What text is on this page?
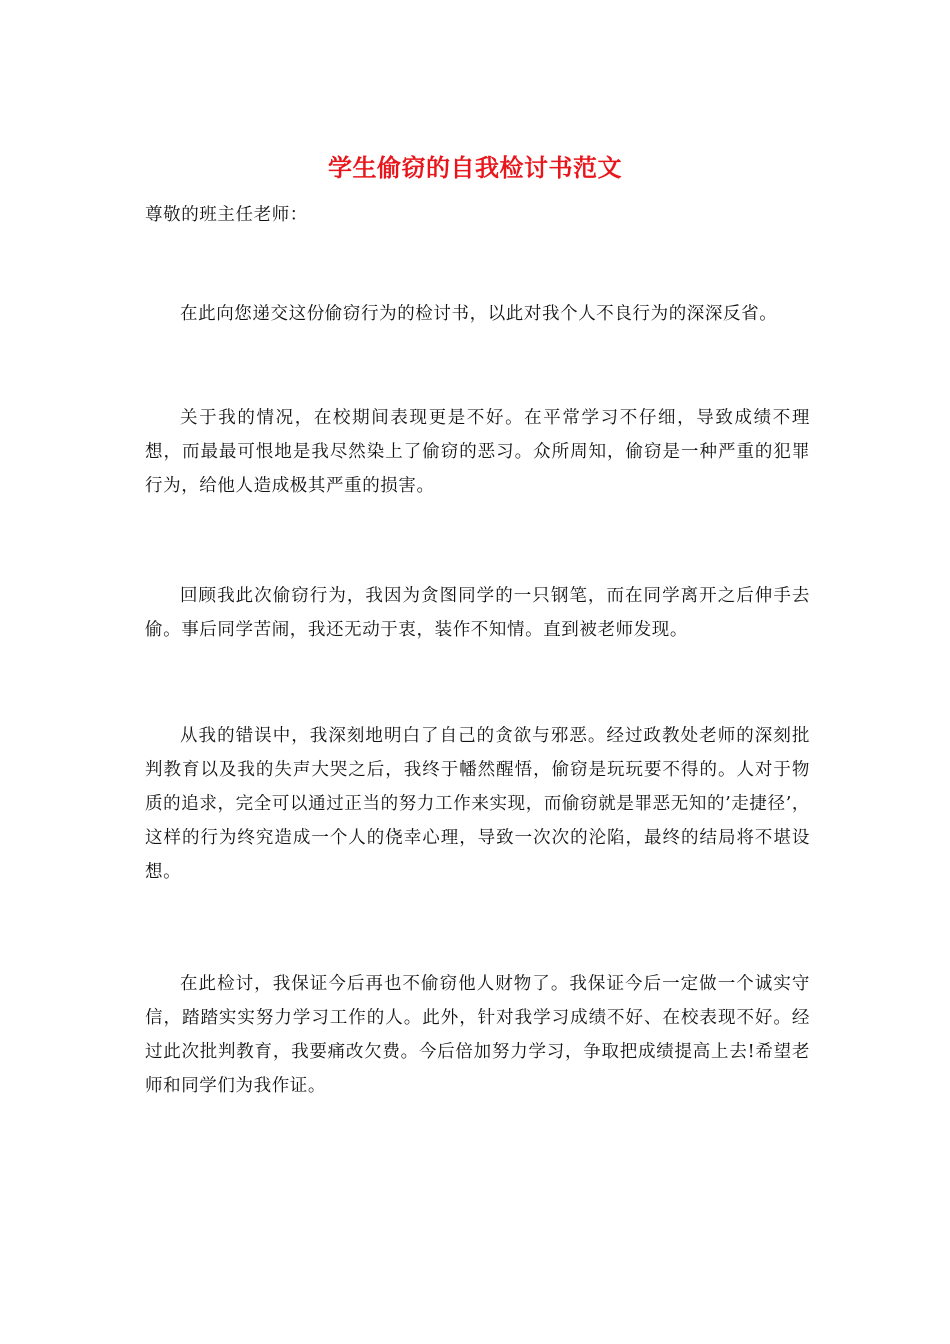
学生偷窃的自我检讨书范文
尊敬的班主任老师：

在此向您递交这份偷窃行为的检讨书，以此对我个人不良行为的深深反省。

关于我的情况，在校期间表现更是不好。在平常学习不仔细，导致成绩不理想，而最最可恨地是我尽然染上了偷窃的恶习。众所周知，偷窃是一种严重的犯罪行为，给他人造成极其严重的损害。

回顾我此次偷窃行为，我因为贪图同学的一只钢笔，而在同学离开之后伸手去偷。事后同学苦闹，我还无动于衷，装作不知情。直到被老师发现。

从我的错误中，我深刻地明白了自己的贪欲与邪恶。经过政教处老师的深刻批判教育以及我的失声大哭之后，我终于幡然醒悟，偷窃是玩玩要不得的。人对于物质的追求，完全可以通过正当的努力工作来实现，而偷窃就是罪恶无知的’走捷径’，这样的行为终究造成一个人的侥幸心理，导致一次次的沦陷，最终的结局将不堪设想。

在此检讨，我保证今后再也不偷窃他人财物了。我保证今后一定做一个诚实守信，踏踏实实努力学习工作的人。此外，针对我学习成绩不好、在校表现不好。经过此次批判教育，我要痛改欠费。今后倍加努力学习，争取把成绩提高上去!希望老师和同学们为我作证。
